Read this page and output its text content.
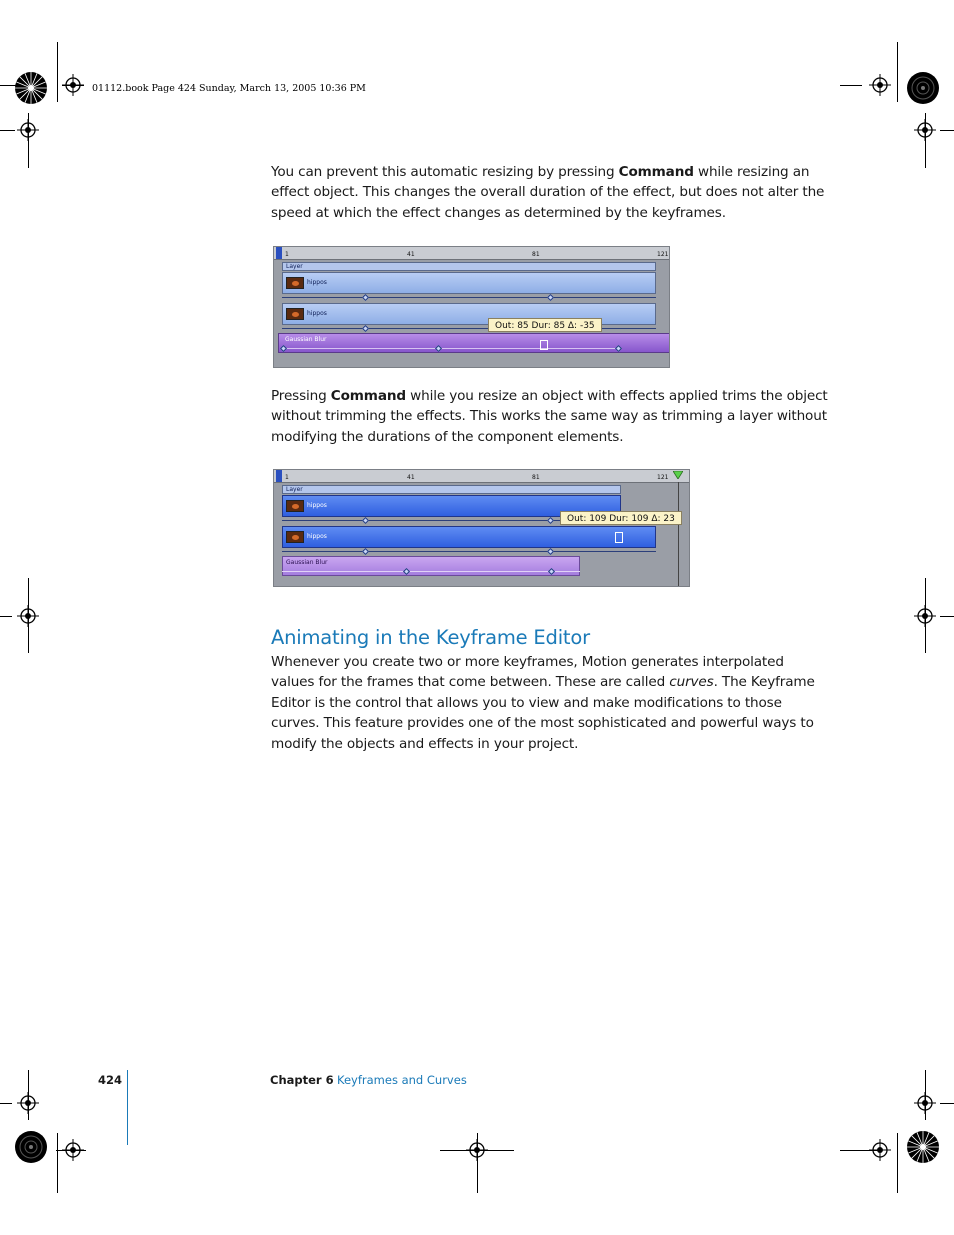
01112.book Page 424 Sunday, March 13, 2005 10:36 PM

You can prevent this automatic resizing by pressing Command while resizing an effect object. This changes the overall duration of the effect, but does not alter the speed at which the effect changes as determined by the keyframes.

1	41	81	121
Layer
hippos
hippos
Out: 85 Dur: 85 Δ: -35
Gaussian Blur

Pressing Command while you resize an object with effects applied trims the object without trimming the effects. This works the same way as trimming a layer without modifying the durations of the component elements.

1	41	81	121
Layer
hippos
Out: 109 Dur: 109 Δ: 23
hippos
Gaussian Blur
Animating in the Keyframe Editor

Whenever you create two or more keyframes, Motion generates interpolated values for the frames that come between. These are called curves. The Keyframe Editor is the control that allows you to view and make modifications to those curves. This feature provides one of the most sophisticated and powerful ways to modify the objects and effects in your project.

424	Chapter 6 Keyframes and Curves
